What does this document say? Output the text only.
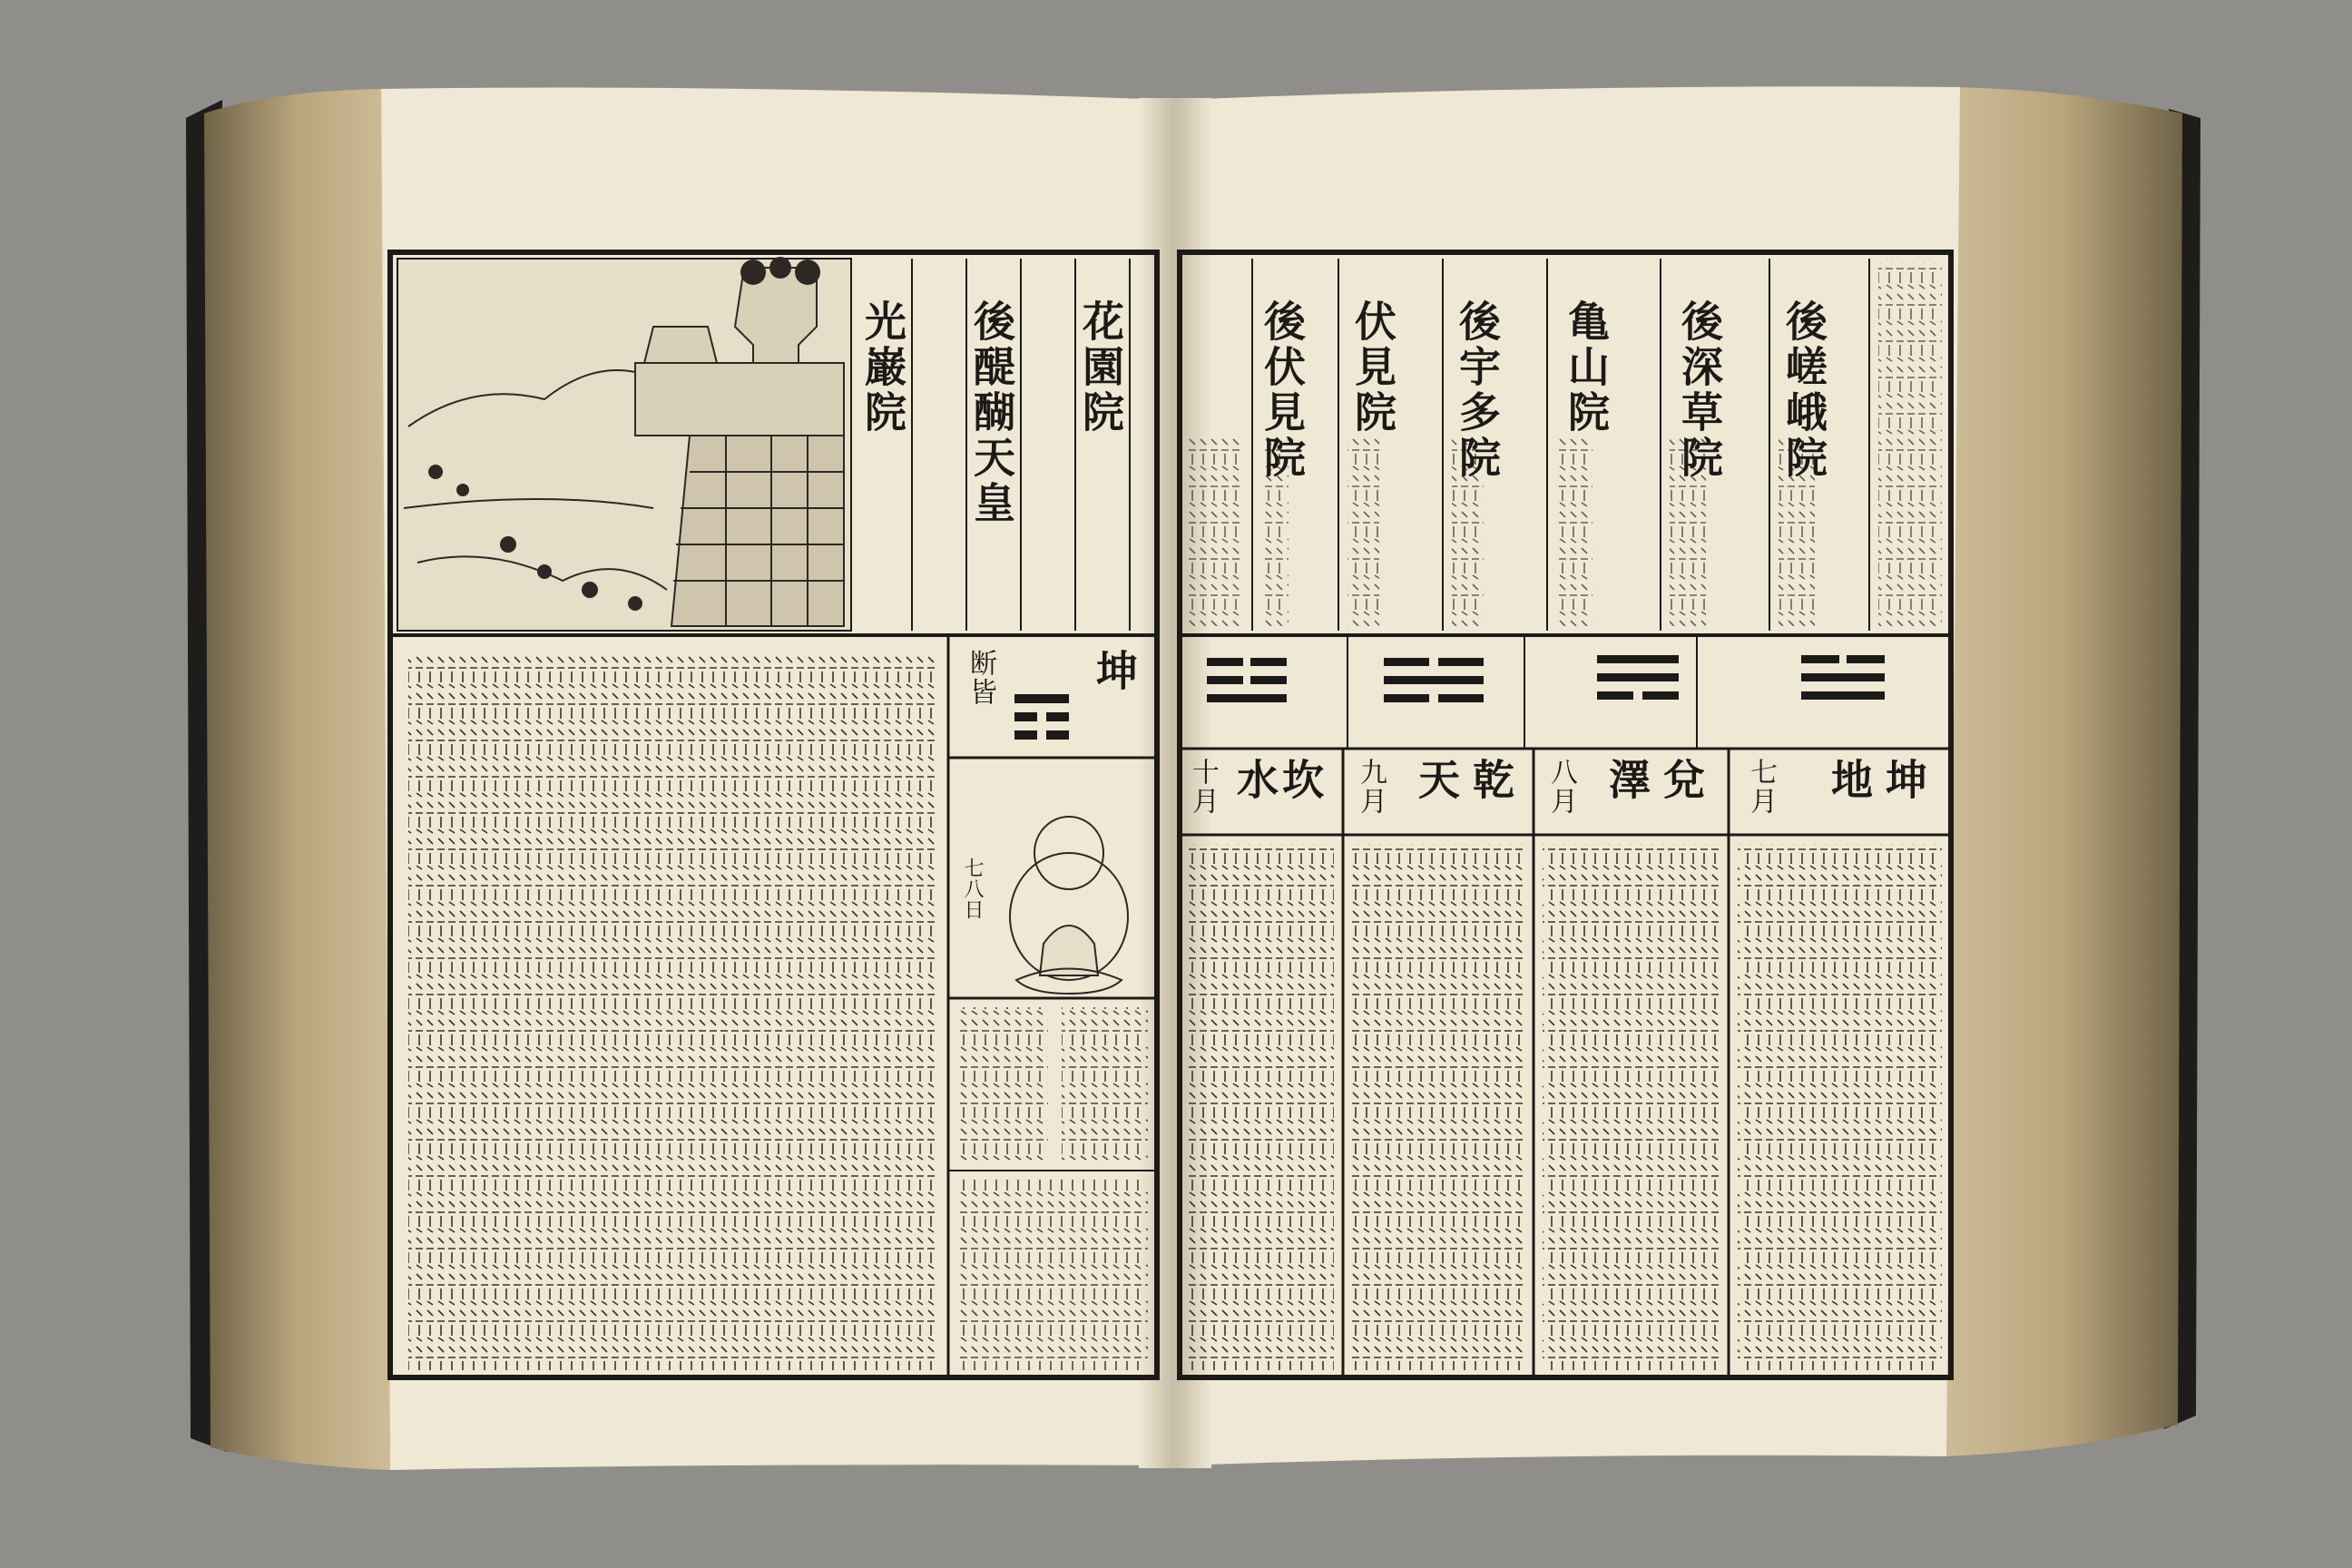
花園院
後醍醐天皇
光巌院
坤
断皆
七八日
後伏見院 伏見院 後宇多院 亀山院 後深草院 後嵯峨院
坤
地
七月
兌
澤
八月
乾
天
九月
坎
水
十月
